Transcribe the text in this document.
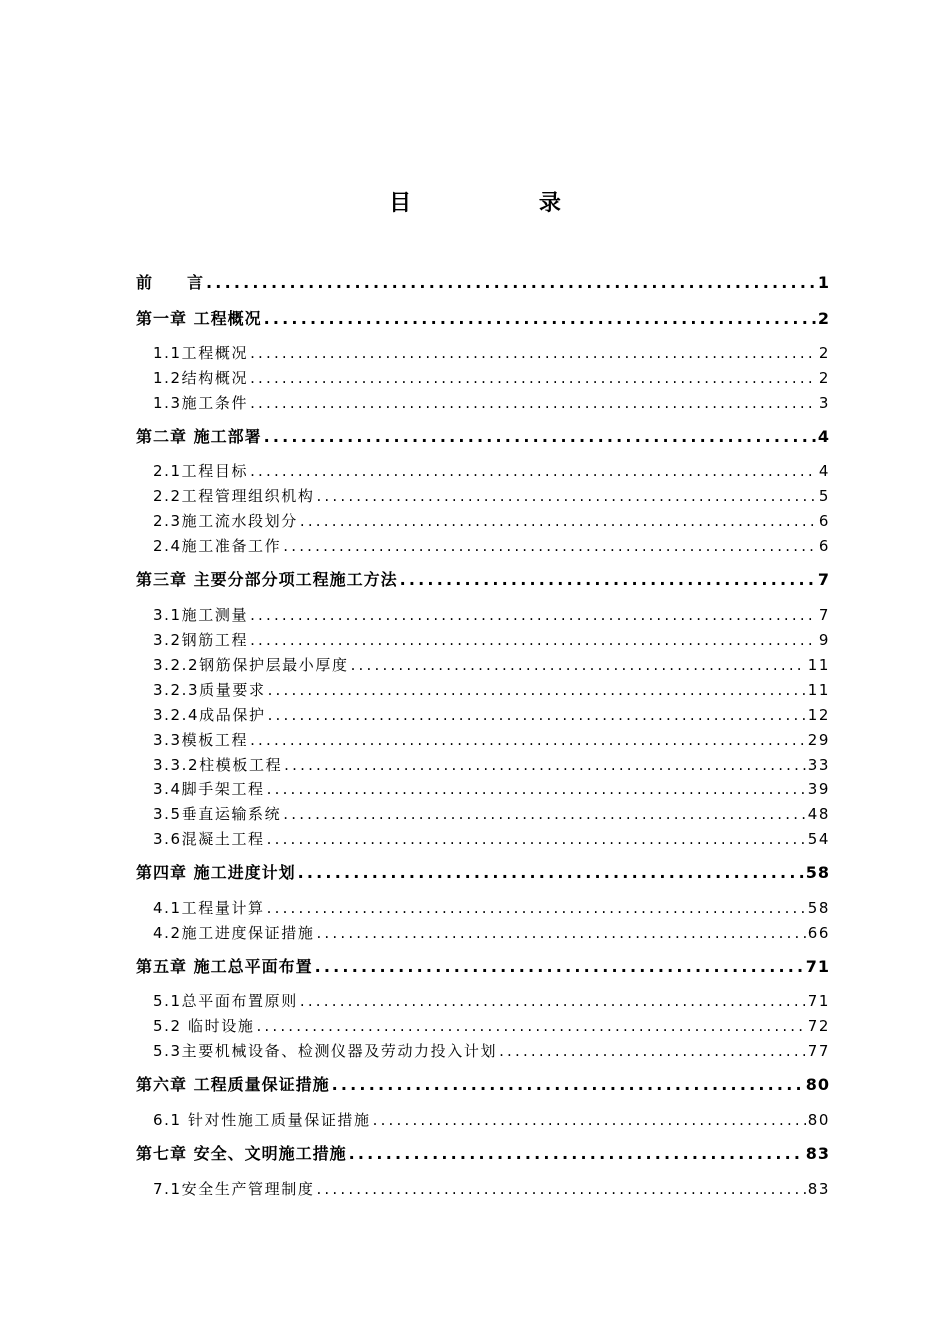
目 录
前　　言 .....	1
第一章 工程概况 .....	2
1.1工程概况 .....	2
1.2结构概况 .....	2
1.3施工条件 .....	3
第二章 施工部署 .....	4
2.1工程目标 .....	4
2.2工程管理组织机构 .....	5
2.3施工流水段划分 .....	6
2.4施工准备工作 .....	6
第三章 主要分部分项工程施工方法 .....	7
3.1施工测量 .....	7
3.2钢筋工程 .....	9
3.2.2钢筋保护层最小厚度 .....	11
3.2.3质量要求 .....	11
3.2.4成品保护 .....	12
3.3模板工程 .....	29
3.3.2柱模板工程 .....	33
3.4脚手架工程 .....	39
3.5垂直运输系统 .....	48
3.6混凝土工程 .....	54
第四章 施工进度计划 .....	58
4.1工程量计算 .....	58
4.2施工进度保证措施 .....	66
第五章 施工总平面布置 .....	71
5.1总平面布置原则 .....	71
5.2 临时设施 .....	72
5.3主要机械设备、检测仪器及劳动力投入计划 .....	77
第六章 工程质量保证措施 .....	80
6.1 针对性施工质量保证措施 .....	80
第七章 安全、文明施工措施 .....	83
7.1安全生产管理制度 .....	83
